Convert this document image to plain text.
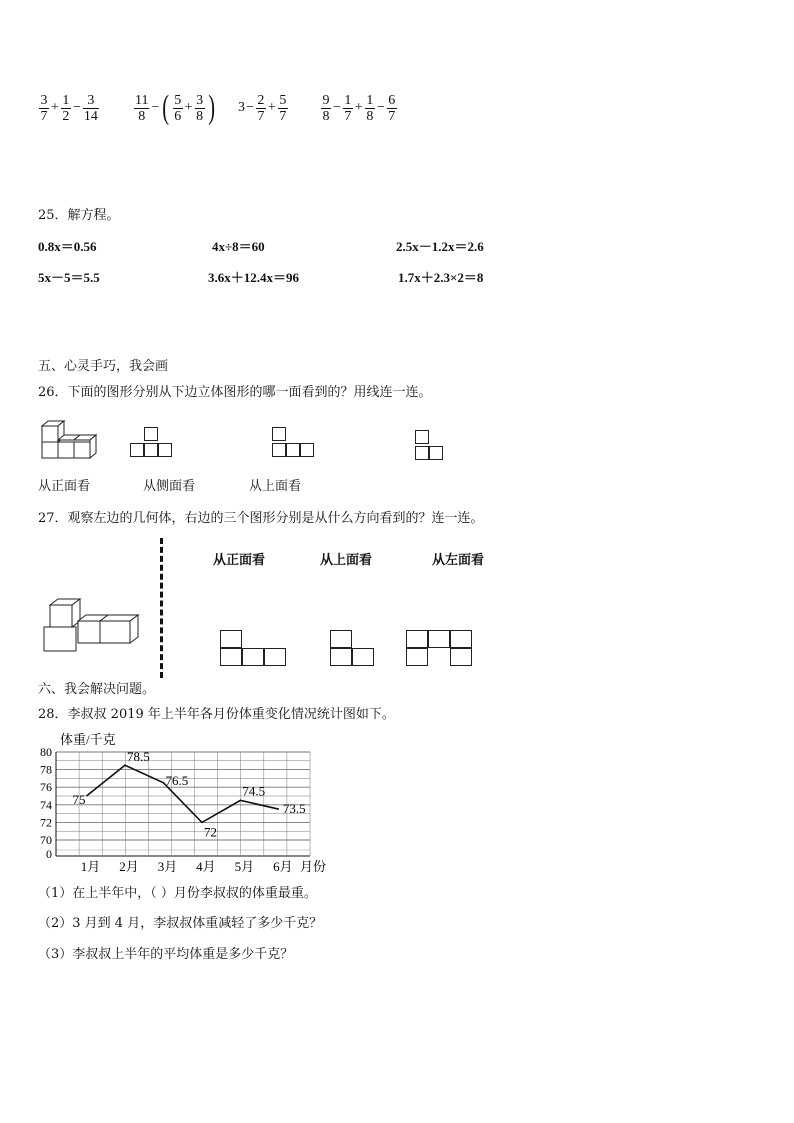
$\frac{3}{7} + \frac{1}{2} - \frac{3}{14}$	$\frac{11}{8}$ − ( $\frac{5}{6} + \frac{3}{8}$ ) $3 - \frac{2}{7} + \frac{5}{7} \frac{9}{8} - \frac{1}{7} + \frac{1}{8} - \frac{6}{7}$
25．解方程。
0.8x＝0.56	4x÷8＝60	2.5x－1.2x＝2.6
5x－5＝5.5	3.6x＋12.4x＝96	1.7x＋2.3×2＝8
五、心灵手巧，我会画
26．下面的图形分别从下边立体图形的哪一面看到的？用线连一连。
从正面看	从侧面看	从上面看
27．观察左边的几何体，右边的三个图形分别是从什么方向看到的？连一连。
从正面看	从上面看	从左面看
六、我会解决问题。
28．李叔叔 2019 年上半年各月份体重变化情况统计图如下。
体重/千克
80
78
76
74
72
70
0
1月 2月 3月 4月 5月 6月 月份
75
78.5
76.5
72
74.5
73.5
（1）在上半年中，（ ）月份李叔叔的体重最重。
（2）3 月到 4 月，李叔叔体重减轻了多少千克？
（3）李叔叔上半年的平均体重是多少千克？
